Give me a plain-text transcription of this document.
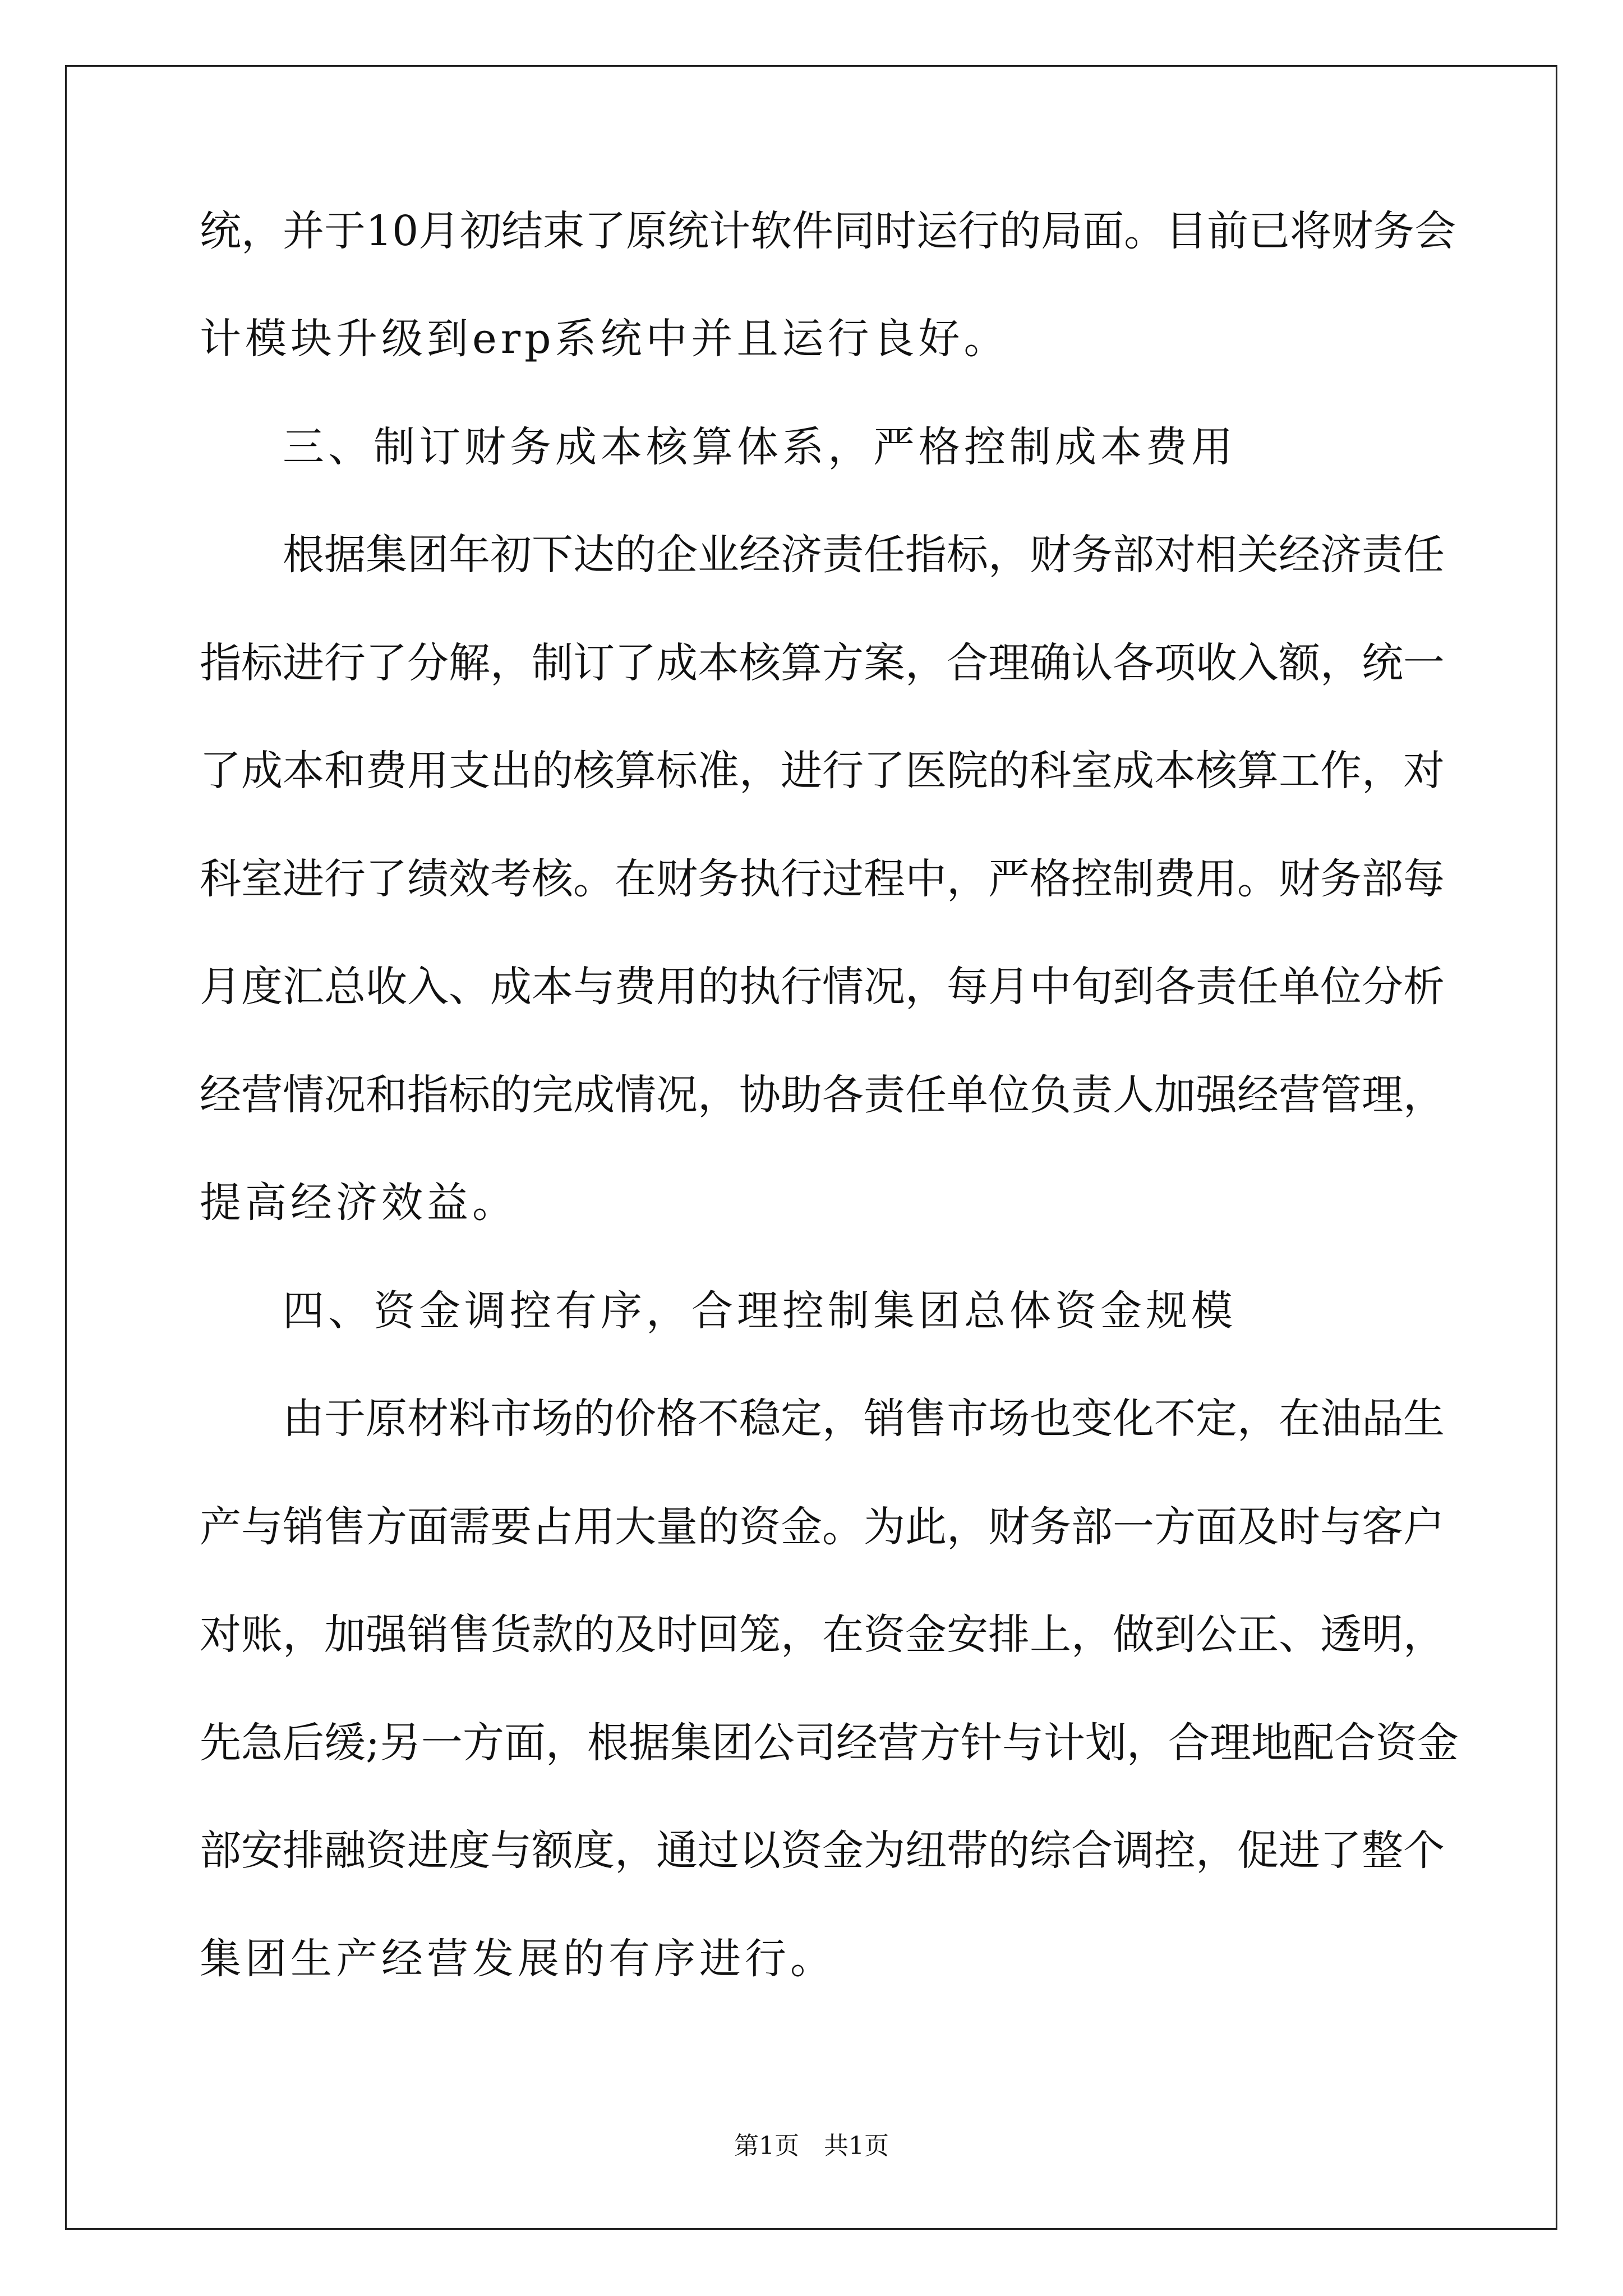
统，并于10月初结束了原统计软件同时运行的局面。目前已将财务会
计模块升级到erp系统中并且运行良好。
三、制订财务成本核算体系，严格控制成本费用
根据集团年初下达的企业经济责任指标，财务部对相关经济责任
指标进行了分解，制订了成本核算方案，合理确认各项收入额，统一
了成本和费用支出的核算标准，进行了医院的科室成本核算工作，对
科室进行了绩效考核。在财务执行过程中，严格控制费用。财务部每
月度汇总收入、成本与费用的执行情况，每月中旬到各责任单位分析
经营情况和指标的完成情况，协助各责任单位负责人加强经营管理，
提高经济效益。
四、资金调控有序，合理控制集团总体资金规模
由于原材料市场的价格不稳定，销售市场也变化不定，在油品生
产与销售方面需要占用大量的资金。为此，财务部一方面及时与客户
对账，加强销售货款的及时回笼，在资金安排上，做到公正、透明，
先急后缓;另一方面，根据集团公司经营方针与计划，合理地配合资金
部安排融资进度与额度，通过以资金为纽带的综合调控，促进了整个
集团生产经营发展的有序进行。
第1页　共1页
